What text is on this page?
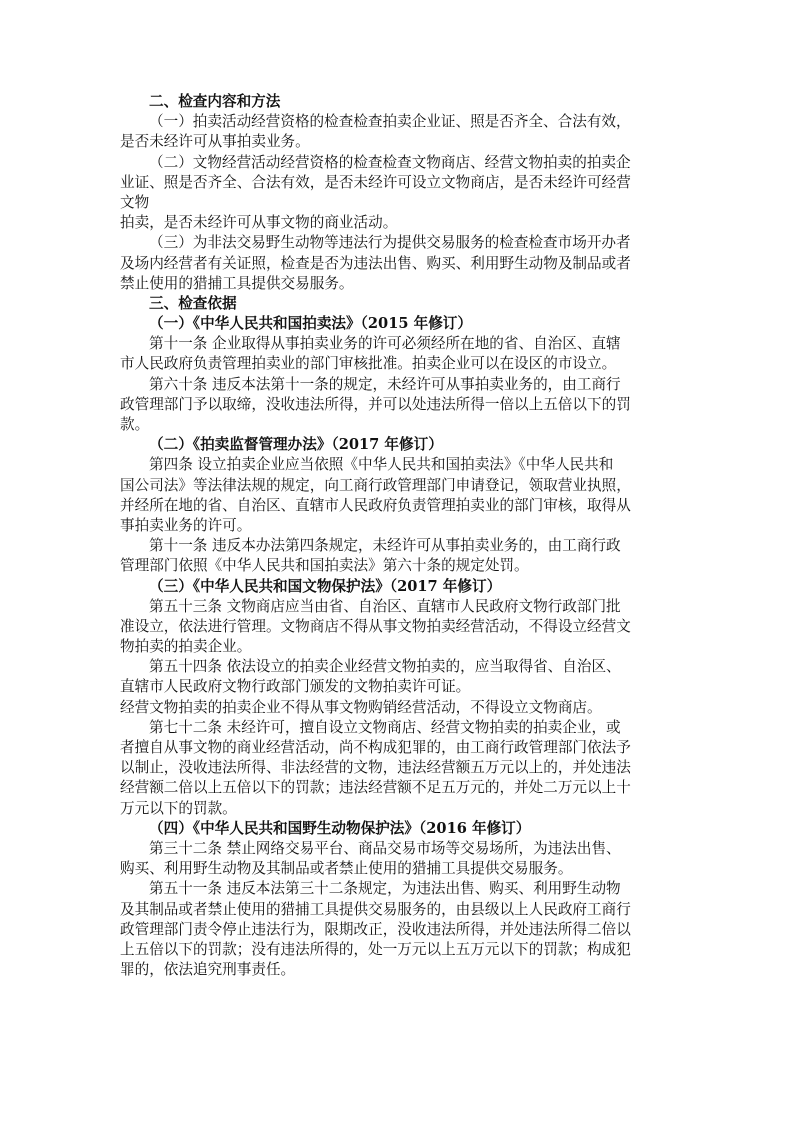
二、检查内容和方法
（一）拍卖活动经营资格的检查检查拍卖企业证、照是否齐全、合法有效，
是否未经许可从事拍卖业务。
（二）文物经营活动经营资格的检查检查文物商店、经营文物拍卖的拍卖企
业证、照是否齐全、合法有效，是否未经许可设立文物商店，是否未经许可经营
文物
拍卖，是否未经许可从事文物的商业活动。
（三）为非法交易野生动物等违法行为提供交易服务的检查检查市场开办者
及场内经营者有关证照，检查是否为违法出售、购买、利用野生动物及制品或者
禁止使用的猎捕工具提供交易服务。
三、检查依据
（一）《中华人民共和国拍卖法》（2015 年修订）
第十一条 企业取得从事拍卖业务的许可必须经所在地的省、自治区、直辖
市人民政府负责管理拍卖业的部门审核批准。拍卖企业可以在设区的市设立。
第六十条 违反本法第十一条的规定，未经许可从事拍卖业务的，由工商行
政管理部门予以取缔，没收违法所得，并可以处违法所得一倍以上五倍以下的罚
款。
（二）《拍卖监督管理办法》（2017 年修订）
第四条 设立拍卖企业应当依照《中华人民共和国拍卖法》《中华人民共和
国公司法》等法律法规的规定，向工商行政管理部门申请登记，领取营业执照，
并经所在地的省、自治区、直辖市人民政府负责管理拍卖业的部门审核，取得从
事拍卖业务的许可。
第十一条 违反本办法第四条规定，未经许可从事拍卖业务的，由工商行政
管理部门依照《中华人民共和国拍卖法》第六十条的规定处罚。
（三）《中华人民共和国文物保护法》（2017 年修订）
第五十三条 文物商店应当由省、自治区、直辖市人民政府文物行政部门批
准设立，依法进行管理。文物商店不得从事文物拍卖经营活动，不得设立经营文
物拍卖的拍卖企业。
第五十四条 依法设立的拍卖企业经营文物拍卖的，应当取得省、自治区、
直辖市人民政府文物行政部门颁发的文物拍卖许可证。
经营文物拍卖的拍卖企业不得从事文物购销经营活动，不得设立文物商店。
第七十二条 未经许可，擅自设立文物商店、经营文物拍卖的拍卖企业，或
者擅自从事文物的商业经营活动，尚不构成犯罪的，由工商行政管理部门依法予
以制止，没收违法所得、非法经营的文物，违法经营额五万元以上的，并处违法
经营额二倍以上五倍以下的罚款；违法经营额不足五万元的，并处二万元以上十
万元以下的罚款。
（四）《中华人民共和国野生动物保护法》（2016 年修订）
第三十二条 禁止网络交易平台、商品交易市场等交易场所，为违法出售、
购买、利用野生动物及其制品或者禁止使用的猎捕工具提供交易服务。
第五十一条 违反本法第三十二条规定，为违法出售、购买、利用野生动物
及其制品或者禁止使用的猎捕工具提供交易服务的，由县级以上人民政府工商行
政管理部门责令停止违法行为，限期改正，没收违法所得，并处违法所得二倍以
上五倍以下的罚款；没有违法所得的，处一万元以上五万元以下的罚款；构成犯
罪的，依法追究刑事责任。
